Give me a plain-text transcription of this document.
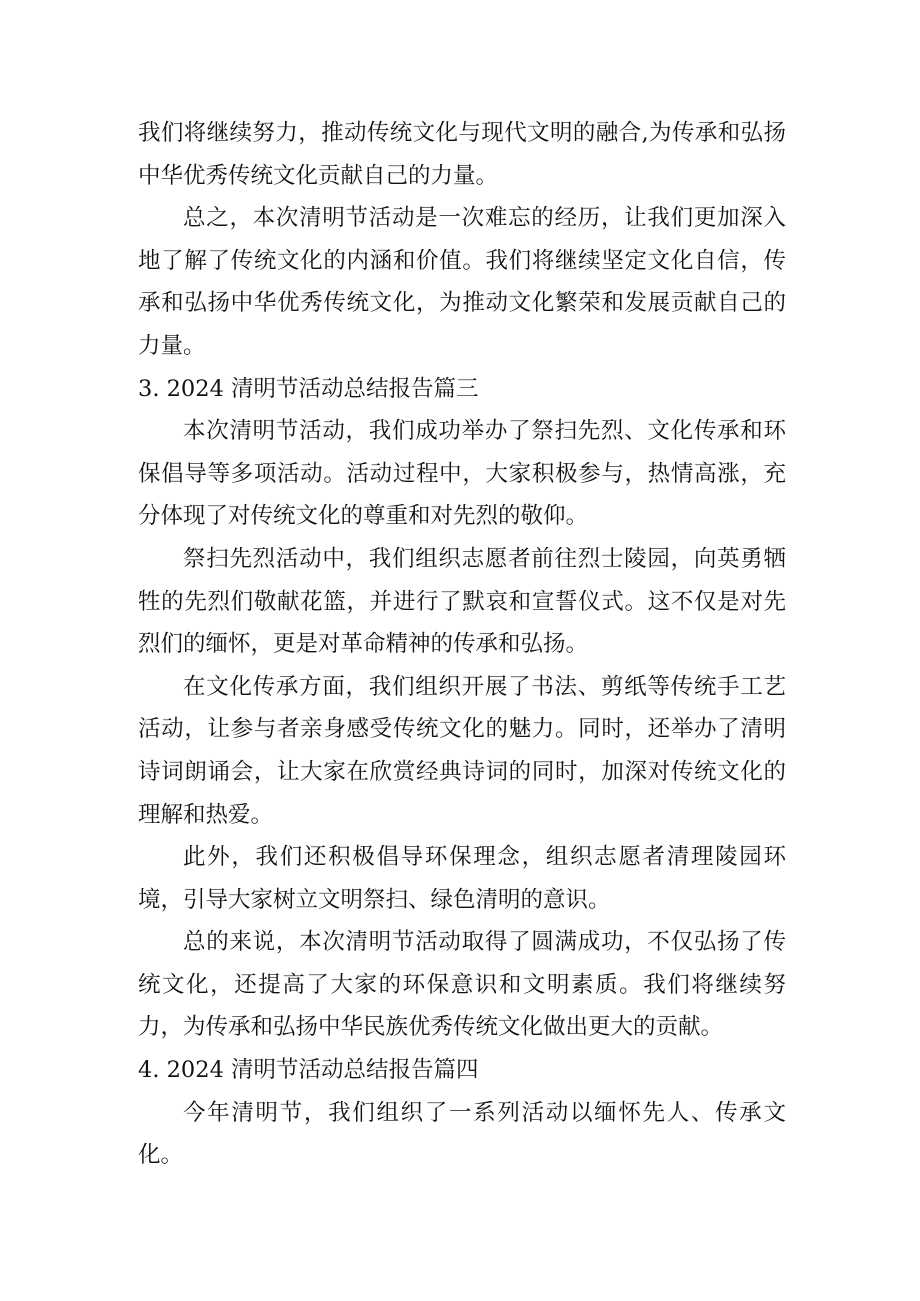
我们将继续努力，推动传统文化与现代文明的融合,为传承和弘扬中华优秀传统文化贡献自己的力量。

总之，本次清明节活动是一次难忘的经历，让我们更加深入地了解了传统文化的内涵和价值。我们将继续坚定文化自信，传承和弘扬中华优秀传统文化，为推动文化繁荣和发展贡献自己的力量。

3. 2024 清明节活动总结报告篇三

本次清明节活动，我们成功举办了祭扫先烈、文化传承和环保倡导等多项活动。活动过程中，大家积极参与，热情高涨，充分体现了对传统文化的尊重和对先烈的敬仰。

祭扫先烈活动中，我们组织志愿者前往烈士陵园，向英勇牺牲的先烈们敬献花篮，并进行了默哀和宣誓仪式。这不仅是对先烈们的缅怀，更是对革命精神的传承和弘扬。

在文化传承方面，我们组织开展了书法、剪纸等传统手工艺活动，让参与者亲身感受传统文化的魅力。同时，还举办了清明诗词朗诵会，让大家在欣赏经典诗词的同时，加深对传统文化的理解和热爱。

此外，我们还积极倡导环保理念，组织志愿者清理陵园环境，引导大家树立文明祭扫、绿色清明的意识。

总的来说，本次清明节活动取得了圆满成功，不仅弘扬了传统文化，还提高了大家的环保意识和文明素质。我们将继续努力，为传承和弘扬中华民族优秀传统文化做出更大的贡献。

4. 2024 清明节活动总结报告篇四

今年清明节，我们组织了一系列活动以缅怀先人、传承文化。
